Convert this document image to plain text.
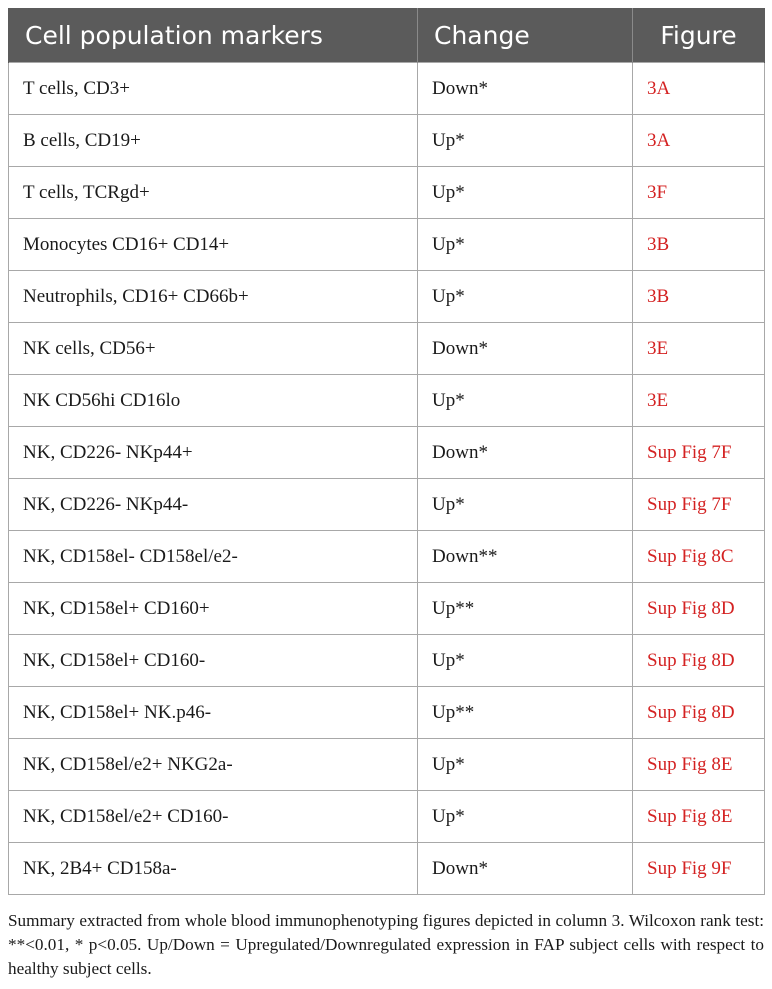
Cell population markers	Change	Figure
T cells, CD3+	Down*	3A
B cells, CD19+	Up*	3A
T cells, TCRgd+	Up*	3F
Monocytes CD16+ CD14+	Up*	3B
Neutrophils, CD16+ CD66b+	Up*	3B
NK cells, CD56+	Down*	3E
NK CD56hi CD16lo	Up*	3E
NK, CD226- NKp44+	Down*	Sup Fig 7F
NK, CD226- NKp44-	Up*	Sup Fig 7F
NK, CD158el- CD158el/e2-	Down**	Sup Fig 8C
NK, CD158el+ CD160+	Up**	Sup Fig 8D
NK, CD158el+ CD160-	Up*	Sup Fig 8D
NK, CD158el+ NK.p46-	Up**	Sup Fig 8D
NK, CD158el/e2+ NKG2a-	Up*	Sup Fig 8E
NK, CD158el/e2+ CD160-	Up*	Sup Fig 8E
NK, 2B4+ CD158a-	Down*	Sup Fig 9F
Summary extracted from whole blood immunophenotyping figures depicted in column 3. Wilcoxon rank test: **<0.01, * p<0.05. Up/Down = Upregulated/Downregulated expression in FAP subject cells with respect to healthy subject cells.
